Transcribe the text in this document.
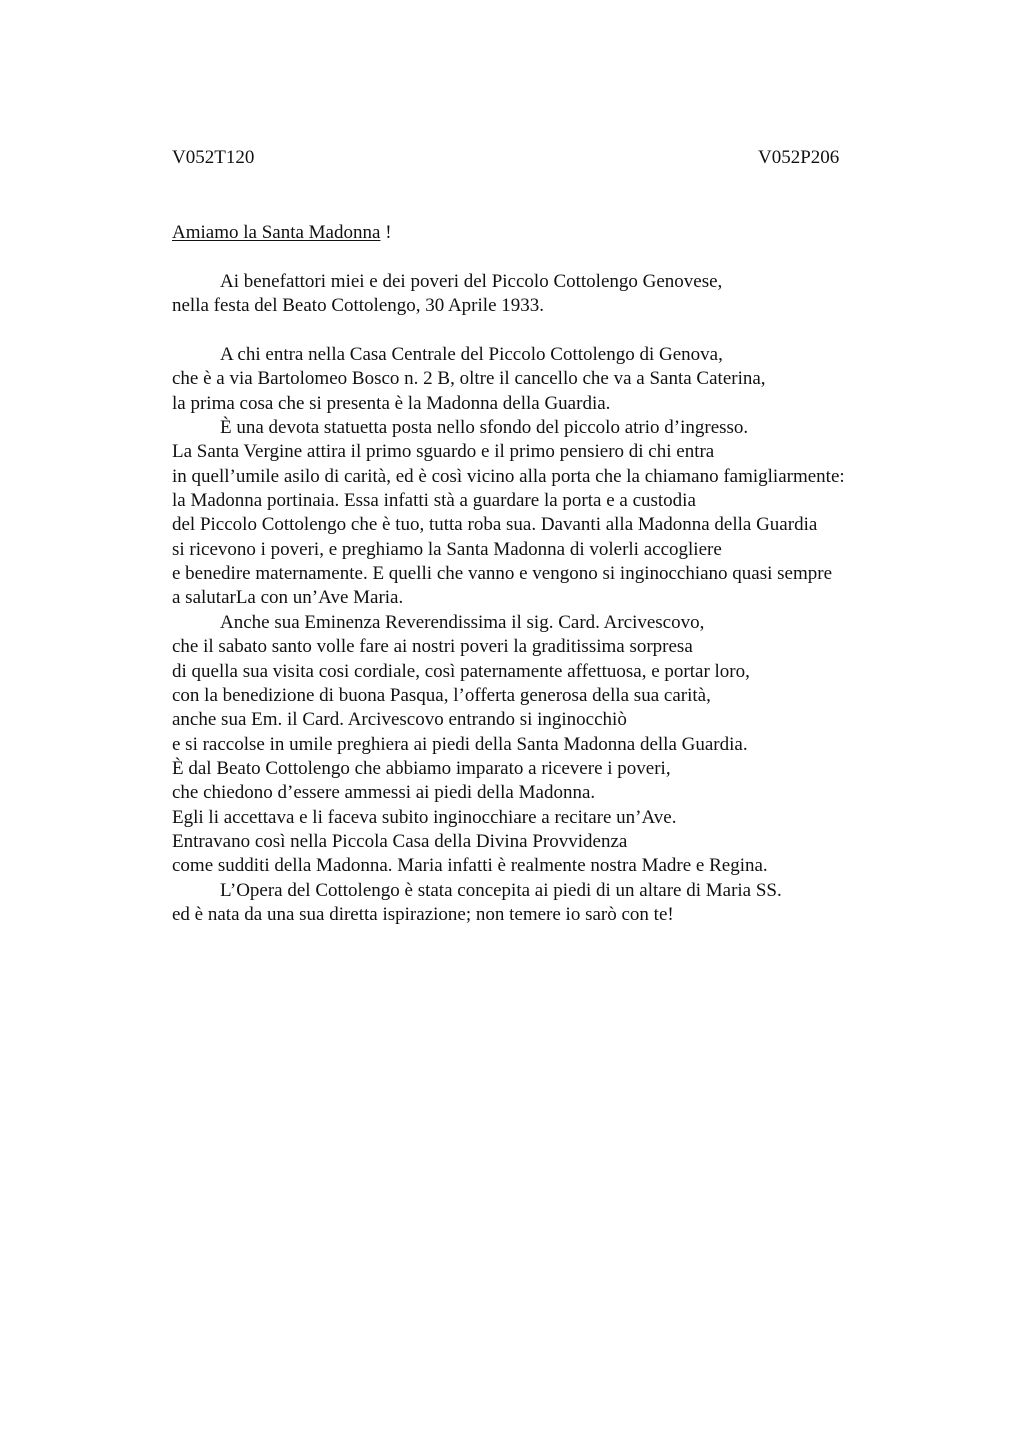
V052T120	V052P206
Amiamo la Santa Madonna !
Ai benefattori miei e dei poveri del Piccolo Cottolengo Genovese,
nella festa del Beato Cottolengo, 30 Aprile 1933.
A chi entra nella Casa Centrale del Piccolo Cottolengo di Genova,
che è a via Bartolomeo Bosco n. 2 B, oltre il cancello che va a Santa Caterina,
la prima cosa che si presenta è la Madonna della Guardia.
È una devota statuetta posta nello sfondo del piccolo atrio d’ingresso.
La Santa Vergine attira il primo sguardo e il primo pensiero di chi entra
in quell’umile asilo di carità, ed è così vicino alla porta che la chiamano famigliarmente:
la Madonna portinaia. Essa infatti stà a guardare la porta e a custodia
del Piccolo Cottolengo che è tuo, tutta roba sua. Davanti alla Madonna della Guardia
si ricevono i poveri, e preghiamo la Santa Madonna di volerli accogliere
e benedire maternamente. E quelli che vanno e vengono si inginocchiano quasi sempre
a salutarLa con un’Ave Maria.
Anche sua Eminenza Reverendissima il sig. Card. Arcivescovo,
che il sabato santo volle fare ai nostri poveri la graditissima sorpresa
di quella sua visita cosi cordiale, così paternamente affettuosa, e portar loro,
con la benedizione di buona Pasqua, l’offerta generosa della sua carità,
anche sua Em. il Card. Arcivescovo entrando si inginocchiò
e si raccolse in umile preghiera ai piedi della Santa Madonna della Guardia.
È dal Beato Cottolengo che abbiamo imparato a ricevere i poveri,
che chiedono d’essere ammessi ai piedi della Madonna.
Egli li accettava e li faceva subito inginocchiare a recitare un’Ave.
Entravano così nella Piccola Casa della Divina Provvidenza
come sudditi della Madonna. Maria infatti è realmente nostra Madre e Regina.
L’Opera del Cottolengo è stata concepita ai piedi di un altare di Maria SS.
ed è nata da una sua diretta ispirazione; non temere io sarò con te!
